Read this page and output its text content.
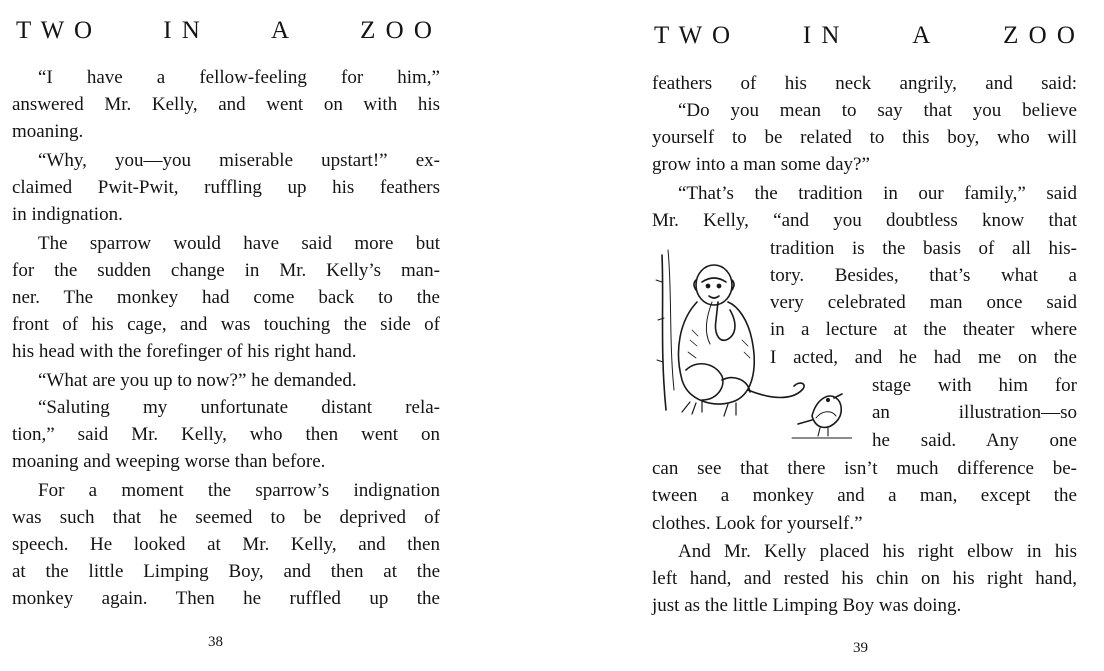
T W O	I N	A	Z O O
“I have a fellow-feeling for him,”
answered Mr. Kelly, and went on with his
moaning.
“Why, you—you miserable upstart!” ex-
claimed Pwit-Pwit, ruffling up his feathers
in indignation.
The sparrow would have said more but
for the sudden change in Mr. Kelly’s man-
ner. The monkey had come back to the
front of his cage, and was touching the side of
his head with the forefinger of his right hand.
“What are you up to now?” he demanded.
“Saluting my unfortunate distant rela-
tion,” said Mr. Kelly, who then went on
moaning and weeping worse than before.
For a moment the sparrow’s indignation
was such that he seemed to be deprived of
speech. He looked at Mr. Kelly, and then
at the little Limping Boy, and then at the
monkey again. Then he ruffled up the
38
T W O	I N	A	Z O O
feathers of his neck angrily, and said:
“Do you mean to say that you believe
yourself to be related to this boy, who will
grow into a man some day?”
“That’s the tradition in our family,” said
Mr. Kelly, “and you doubtless know that
tradition is the basis of all his-
tory. Besides, that’s what a
very celebrated man once said
in a lecture at the theater where
I acted, and he had me on the
stage with him for
an illustration—so
he said. Any one
can see that there isn’t much difference be-
tween a monkey and a man, except the
clothes. Look for yourself.”
And Mr. Kelly placed his right elbow in his
left hand, and rested his chin on his right hand,
just as the little Limping Boy was doing.
39
